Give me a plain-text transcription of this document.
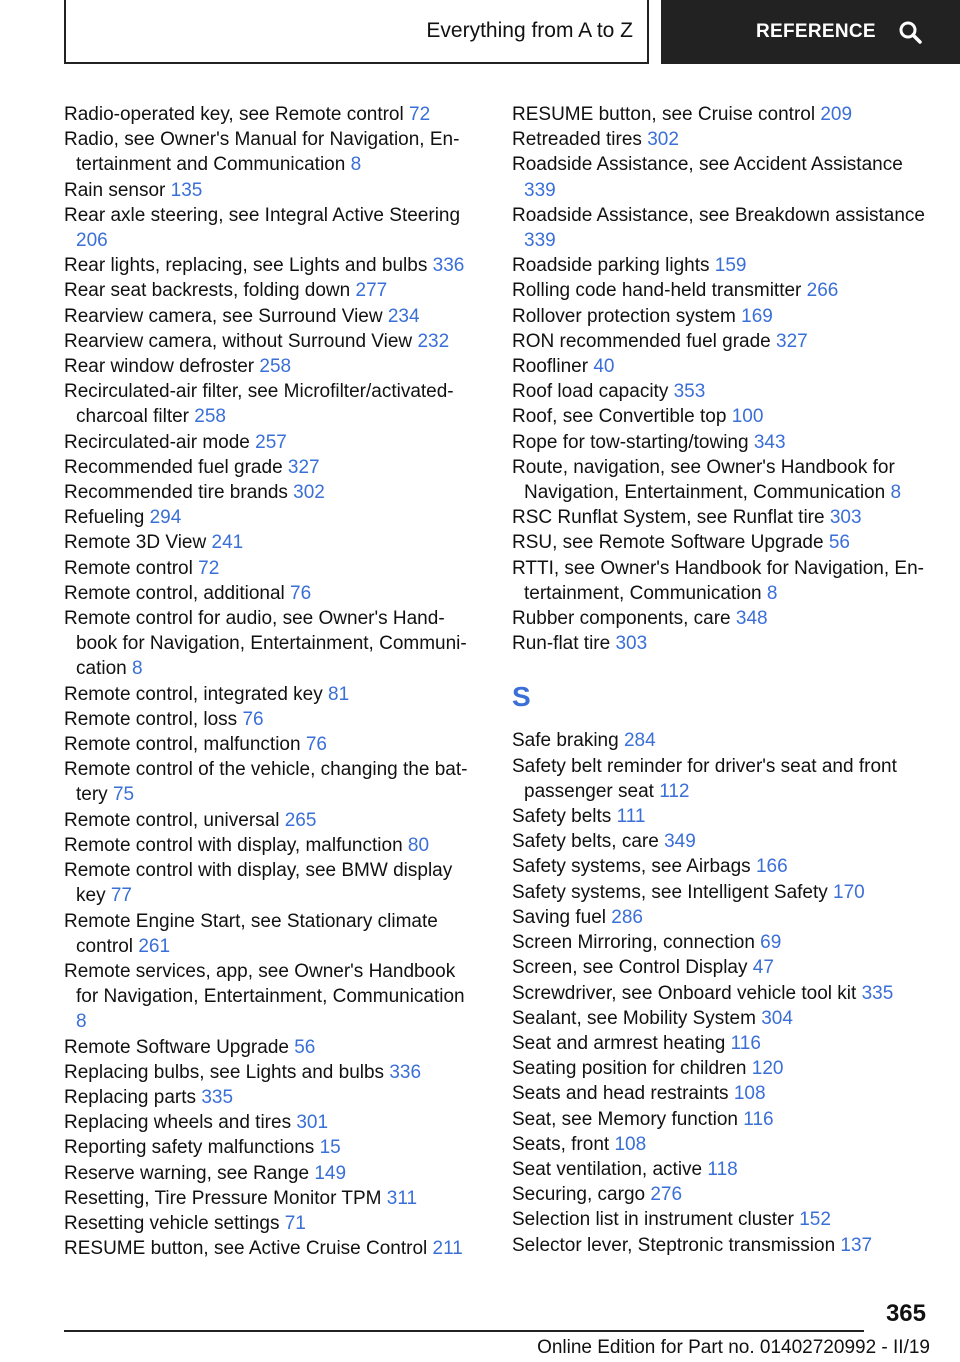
Everything from A to Z	REFERENCE
Radio-operated key, see Remote control 72
Radio, see Owner's Manual for Navigation, Entertainment and Communication 8
Rain sensor 135
Rear axle steering, see Integral Active Steering 206
Rear lights, replacing, see Lights and bulbs 336
Rear seat backrests, folding down 277
Rearview camera, see Surround View 234
Rearview camera, without Surround View 232
Rear window defroster 258
Recirculated-air filter, see Microfilter/activated-charcoal filter 258
Recirculated-air mode 257
Recommended fuel grade 327
Recommended tire brands 302
Refueling 294
Remote 3D View 241
Remote control 72
Remote control, additional 76
Remote control for audio, see Owner's Handbook for Navigation, Entertainment, Communication 8
Remote control, integrated key 81
Remote control, loss 76
Remote control, malfunction 76
Remote control of the vehicle, changing the battery 75
Remote control, universal 265
Remote control with display, malfunction 80
Remote control with display, see BMW display key 77
Remote Engine Start, see Stationary climate control 261
Remote services, app, see Owner's Handbook for Navigation, Entertainment, Communication 8
Remote Software Upgrade 56
Replacing bulbs, see Lights and bulbs 336
Replacing parts 335
Replacing wheels and tires 301
Reporting safety malfunctions 15
Reserve warning, see Range 149
Resetting, Tire Pressure Monitor TPM 311
Resetting vehicle settings 71
RESUME button, see Active Cruise Control 211
RESUME button, see Cruise control 209
Retreaded tires 302
Roadside Assistance, see Accident Assistance 339
Roadside Assistance, see Breakdown assistance 339
Roadside parking lights 159
Rolling code hand-held transmitter 266
Rollover protection system 169
RON recommended fuel grade 327
Roofliner 40
Roof load capacity 353
Roof, see Convertible top 100
Rope for tow-starting/towing 343
Route, navigation, see Owner's Handbook for Navigation, Entertainment, Communication 8
RSC Runflat System, see Runflat tire 303
RSU, see Remote Software Upgrade 56
RTTI, see Owner's Handbook for Navigation, Entertainment, Communication 8
Rubber components, care 348
Run-flat tire 303
S
Safe braking 284
Safety belt reminder for driver's seat and front passenger seat 112
Safety belts 111
Safety belts, care 349
Safety systems, see Airbags 166
Safety systems, see Intelligent Safety 170
Saving fuel 286
Screen Mirroring, connection 69
Screen, see Control Display 47
Screwdriver, see Onboard vehicle tool kit 335
Sealant, see Mobility System 304
Seat and armrest heating 116
Seating position for children 120
Seats and head restraints 108
Seat, see Memory function 116
Seats, front 108
Seat ventilation, active 118
Securing, cargo 276
Selection list in instrument cluster 152
Selector lever, Steptronic transmission 137
365
Online Edition for Part no. 01402720992 - II/19
